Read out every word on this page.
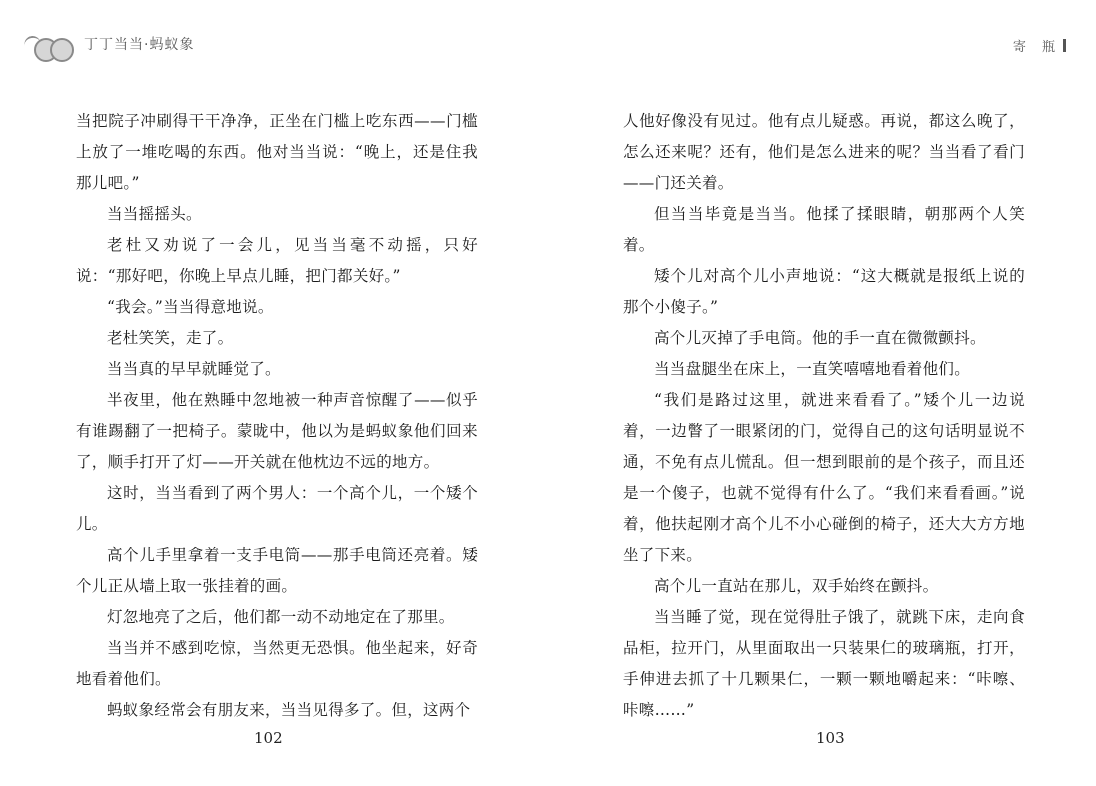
丁丁当当·蚂蚁象	寄 瓶

当把院子冲刷得干干净净，正坐在门槛上吃东西——门槛上放了一堆吃喝的东西。他对当当说：“晚上，还是住我那儿吧。”

当当摇摇头。

老杜又劝说了一会儿，见当当毫不动摇，只好说：“那好吧，你晚上早点儿睡，把门都关好。”

“我会。”当当得意地说。

老杜笑笑，走了。

当当真的早早就睡觉了。

半夜里，他在熟睡中忽地被一种声音惊醒了——似乎有谁踢翻了一把椅子。蒙昽中，他以为是蚂蚁象他们回来了，顺手打开了灯——开关就在他枕边不远的地方。

这时，当当看到了两个男人：一个高个儿，一个矮个儿。

高个儿手里拿着一支手电筒——那手电筒还亮着。矮个儿正从墙上取一张挂着的画。

灯忽地亮了之后，他们都一动不动地定在了那里。

当当并不感到吃惊，当然更无恐惧。他坐起来，好奇地看着他们。

蚂蚁象经常会有朋友来，当当见得多了。但，这两个

人他好像没有见过。他有点儿疑惑。再说，都这么晚了，怎么还来呢？还有，他们是怎么进来的呢？当当看了看门——门还关着。

但当当毕竟是当当。他揉了揉眼睛，朝那两个人笑着。

矮个儿对高个儿小声地说：“这大概就是报纸上说的那个小傻子。”

高个儿灭掉了手电筒。他的手一直在微微颤抖。

当当盘腿坐在床上，一直笑嘻嘻地看着他们。

“我们是路过这里，就进来看看了。”矮个儿一边说着，一边瞥了一眼紧闭的门，觉得自己的这句话明显说不通，不免有点儿慌乱。但一想到眼前的是个孩子，而且还是一个傻子，也就不觉得有什么了。“我们来看看画。”说着，他扶起刚才高个儿不小心碰倒的椅子，还大大方方地坐了下来。

高个儿一直站在那儿，双手始终在颤抖。

当当睡了觉，现在觉得肚子饿了，就跳下床，走向食品柜，拉开门，从里面取出一只装果仁的玻璃瓶，打开，手伸进去抓了十几颗果仁，一颗一颗地嚼起来：“咔嚓、咔嚓……”

102	103
